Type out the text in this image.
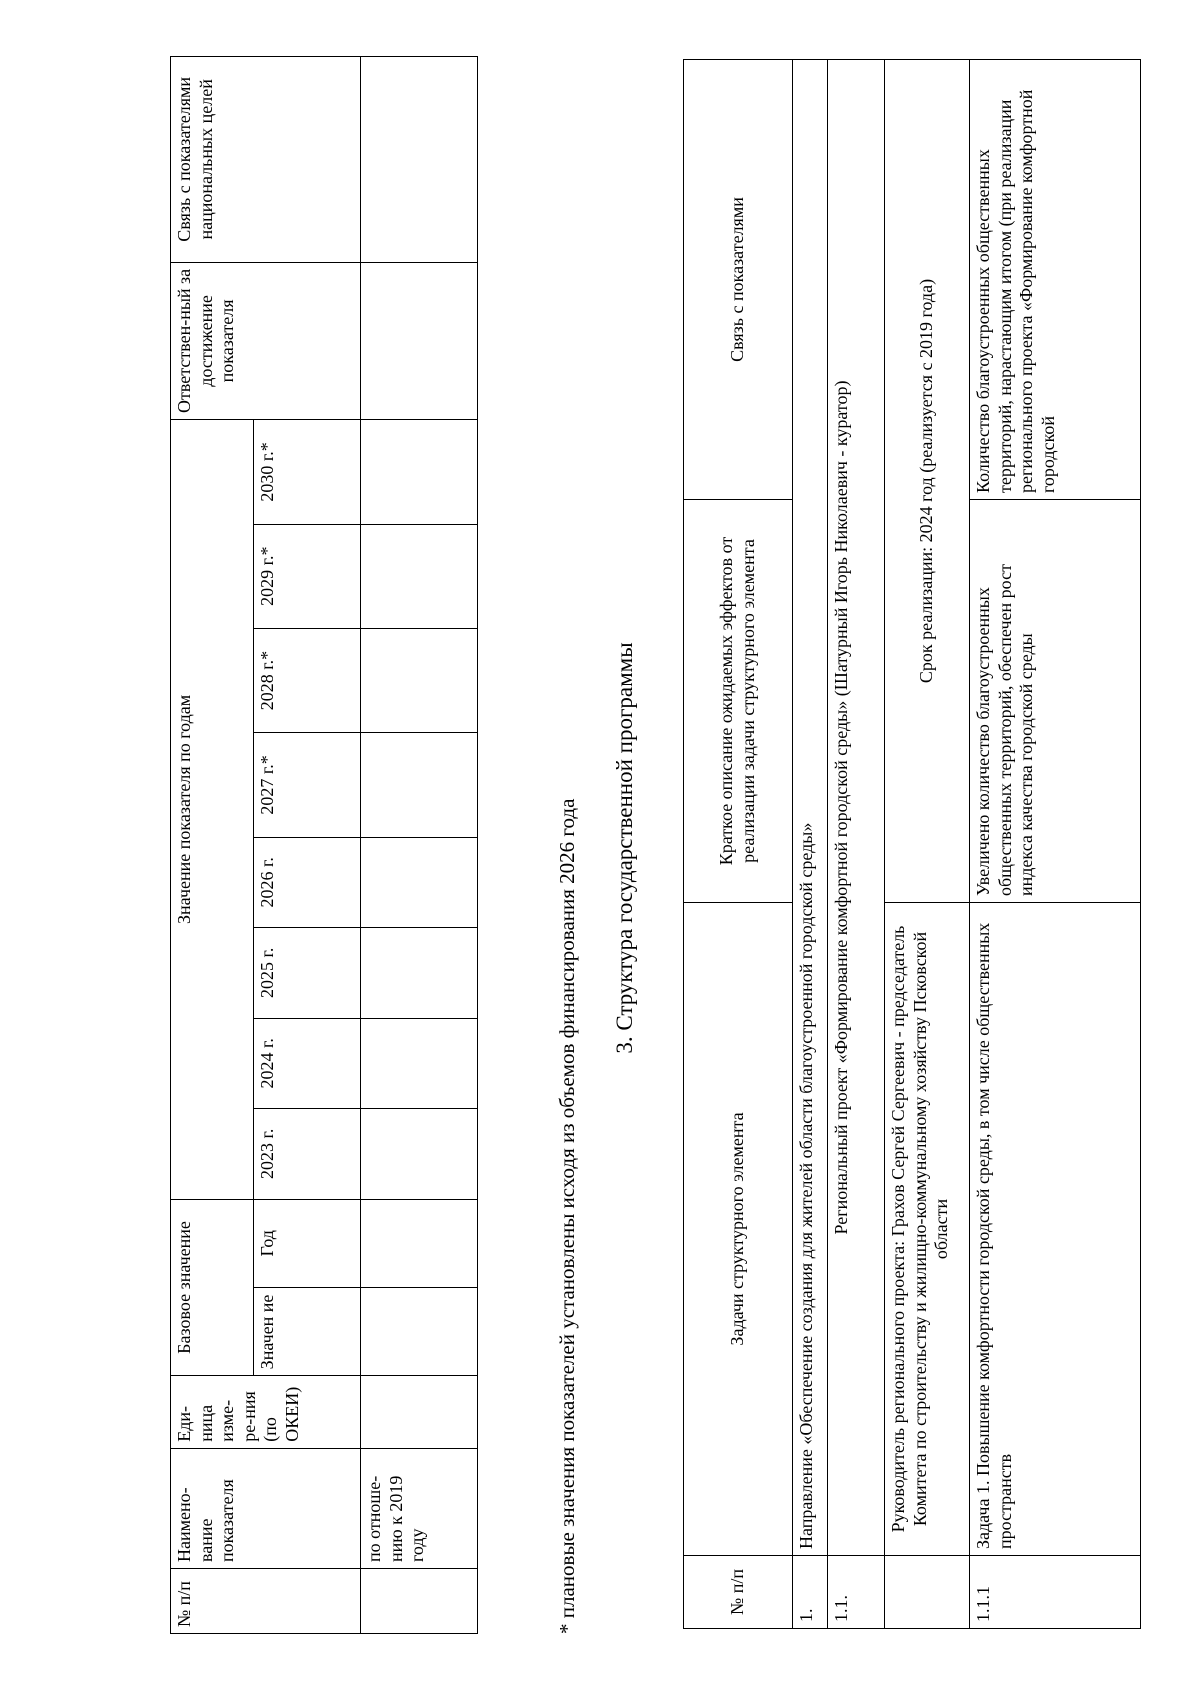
№ п/п	Наимено-вание показателя	Еди-ница изме-ре-ния (по ОКЕИ)	Базовое значение		Значение показателя по годам								Ответствен-ный за достижение показателя	Связь с показателями национальных целей
			Значен ие	Год	2023 г.	2024 г.	2025 г.	2026 г.	2027 г.*	2028 г.*	2029 г.*	2030 г.*		
	по отноше-нию к 2019 году														* плановые значения показателей установлены исходя из объемов финансирования 2026 года 3. Структура государственной программы
№ п/п	Задачи структурного элемента	Краткое описание ожидаемых эффектов от реализации задачи структурного элемента	Связь с показателями
1.	Направление «Обеспечение создания для жителей области благоустроенной городской среды»		
1.1.	Региональный проект «Формирование комфортной городской среды» (Шатурный Игорь Николаевич - куратор)		
	Руководитель регионального проекта: Грахов Сергей Сергеевич - председатель Комитета по строительству и жилищно-коммунальному хозяйству Псковской области	Срок реализации: 2024 год (реализуется с 2019 года)	
1.1.1	Задача 1. Повышение комфортности городской среды, в том числе общественных пространств	Увеличено количество благоустроенных общественных территорий, обеспечен рост индекса качества городской среды	Количество благоустроенных общественных территорий, нарастающим итогом (при реализации регионального проекта «Формирование комфортной городской
